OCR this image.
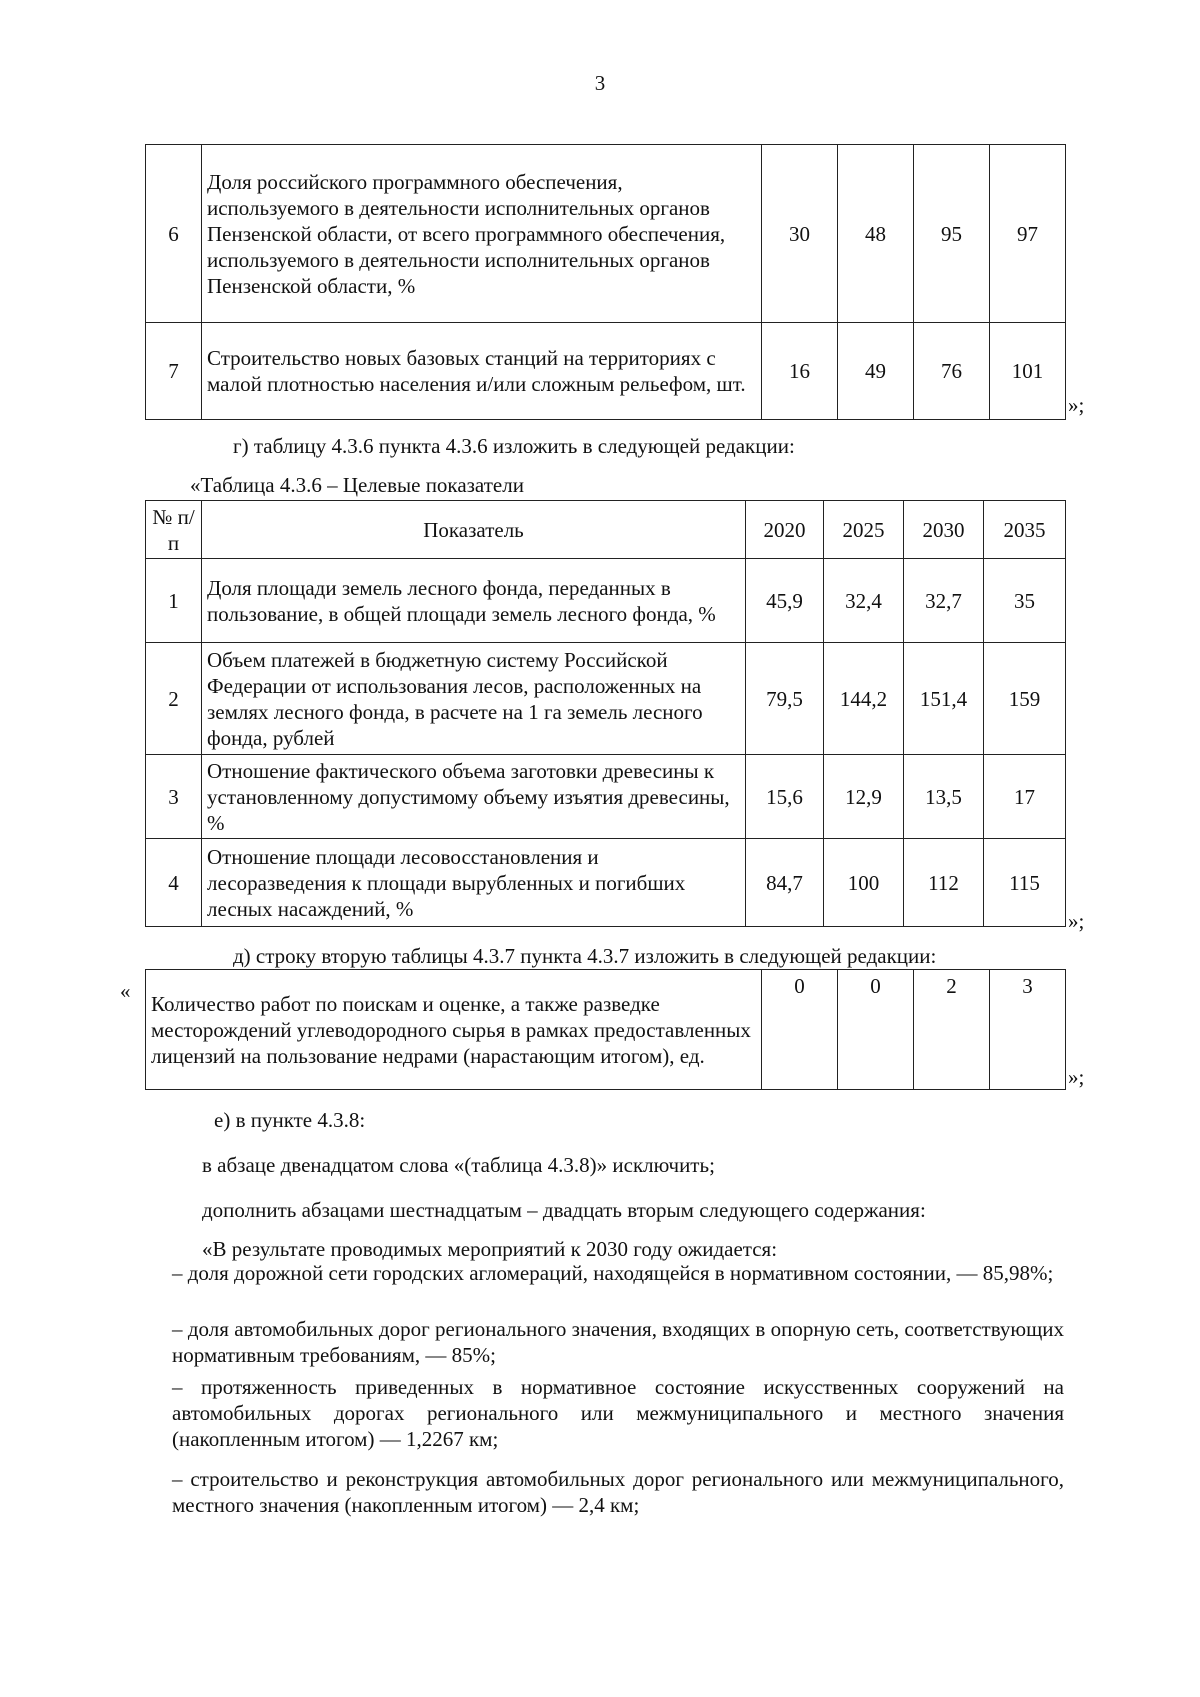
3
6	Доля российского программного обеспечения, используемого в деятельности исполнительных органов Пензенской области, от всего программного обеспечения, используемого в деятельности исполнительных органов Пензенской области, %	30	48	95	97
7	Строительство новых базовых станций на территориях с малой плотностью населения и/или сложным рельефом, шт.	16	49	76	101
»;
г) таблицу 4.3.6 пункта 4.3.6 изложить в следующей редакции:
«Таблица 4.3.6 – Целевые показатели
№ п/п	Показатель	2020	2025	2030	2035
1	Доля площади земель лесного фонда, переданных в пользование, в общей площади земель лесного фонда, %	45,9	32,4	32,7	35
2	Объем платежей в бюджетную систему Российской Федерации от использования лесов, расположенных на землях лесного фонда, в расчете на 1 га земель лесного фонда, рублей	79,5	144,2	151,4	159
3	Отношение фактического объема заготовки древесины к установленному допустимому объему изъятия древесины, %	15,6	12,9	13,5	17
4	Отношение площади лесовосстановления и лесоразведения к площади вырубленных и погибших лесных насаждений, %	84,7	100	112	115
»;
д) строку вторую таблицы 4.3.7 пункта 4.3.7 изложить в следующей редакции:
«
Количество работ по поискам и оценке, а также разведке месторождений углеводородного сырья в рамках предоставленных лицензий на пользование недрами (нарастающим итогом), ед.	0	0	2	3
»;
е) в пункте 4.3.8:
в абзаце двенадцатом слова «(таблица 4.3.8)» исключить;
дополнить абзацами шестнадцатым – двадцать вторым следующего содержания:
«В результате проводимых мероприятий к 2030 году ожидается:
– доля дорожной сети городских агломераций, находящейся в нормативном состоянии, — 85,98%;
– доля автомобильных дорог регионального значения, входящих в опорную сеть, соответствующих нормативным требованиям, — 85%;
– протяженность приведенных в нормативное состояние искусственных сооружений на автомобильных дорогах регионального или межмуниципального и местного значения (накопленным итогом) — 1,2267 км;
– строительство и реконструкция автомобильных дорог регионального или межмуниципального, местного значения (накопленным итогом) — 2,4 км;
